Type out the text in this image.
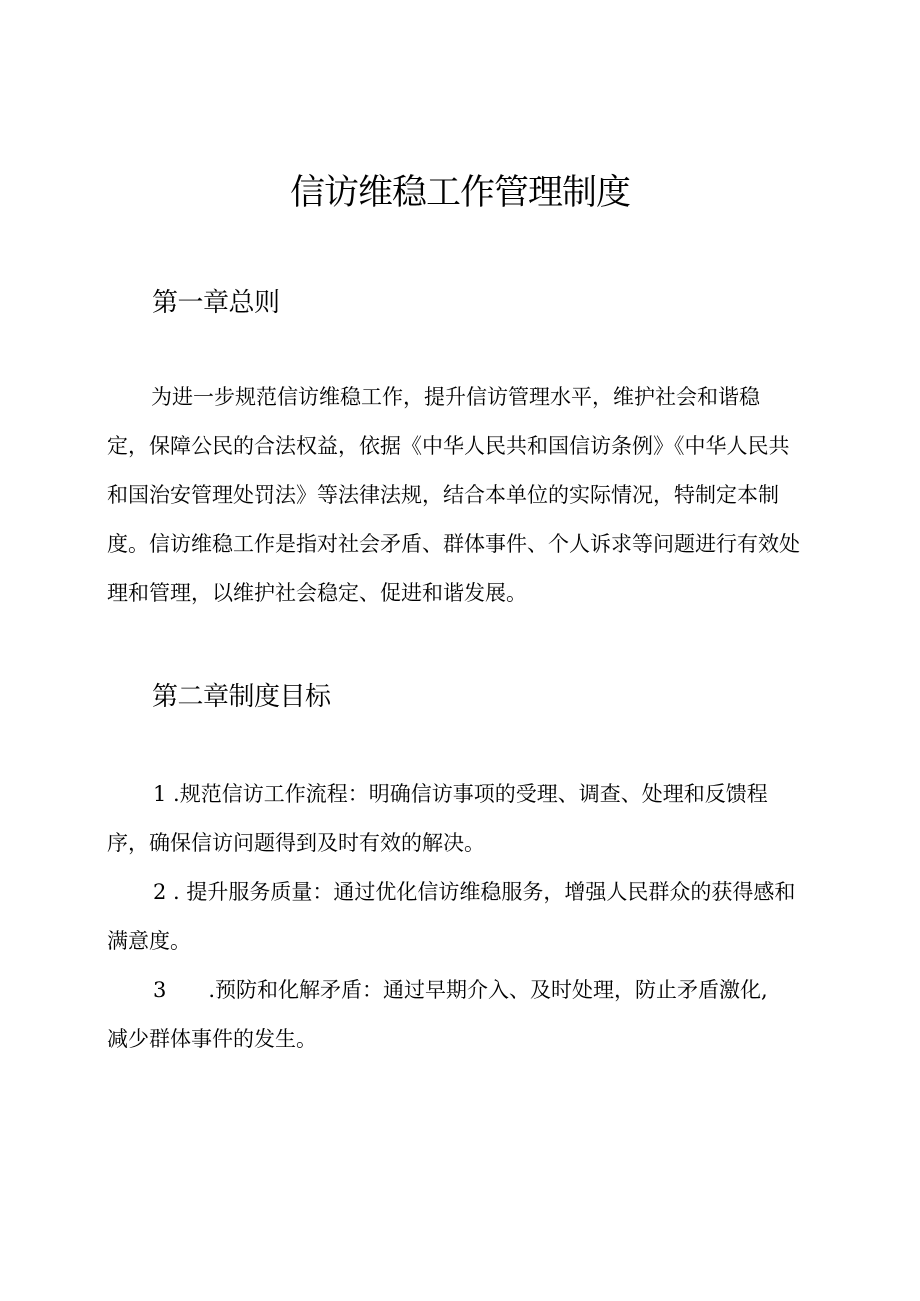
信访维稳工作管理制度
第一章总则
为进一步规范信访维稳工作，提升信访管理水平，维护社会和谐稳
定，保障公民的合法权益，依据《中华人民共和国信访条例》《中华人民共
和国治安管理处罚法》等法律法规，结合本单位的实际情况，特制定本制
度。信访维稳工作是指对社会矛盾、群体事件、个人诉求等问题进行有效处
理和管理，以维护社会稳定、促进和谐发展。
第二章制度目标
1 .规范信访工作流程：明确信访事项的受理、调查、处理和反馈程
序，确保信访问题得到及时有效的解决。
2 . 提升服务质量：通过优化信访维稳服务，增强人民群众的获得感和
满意度。
3　　.预防和化解矛盾：通过早期介入、及时处理，防止矛盾激化,
减少群体事件的发生。
